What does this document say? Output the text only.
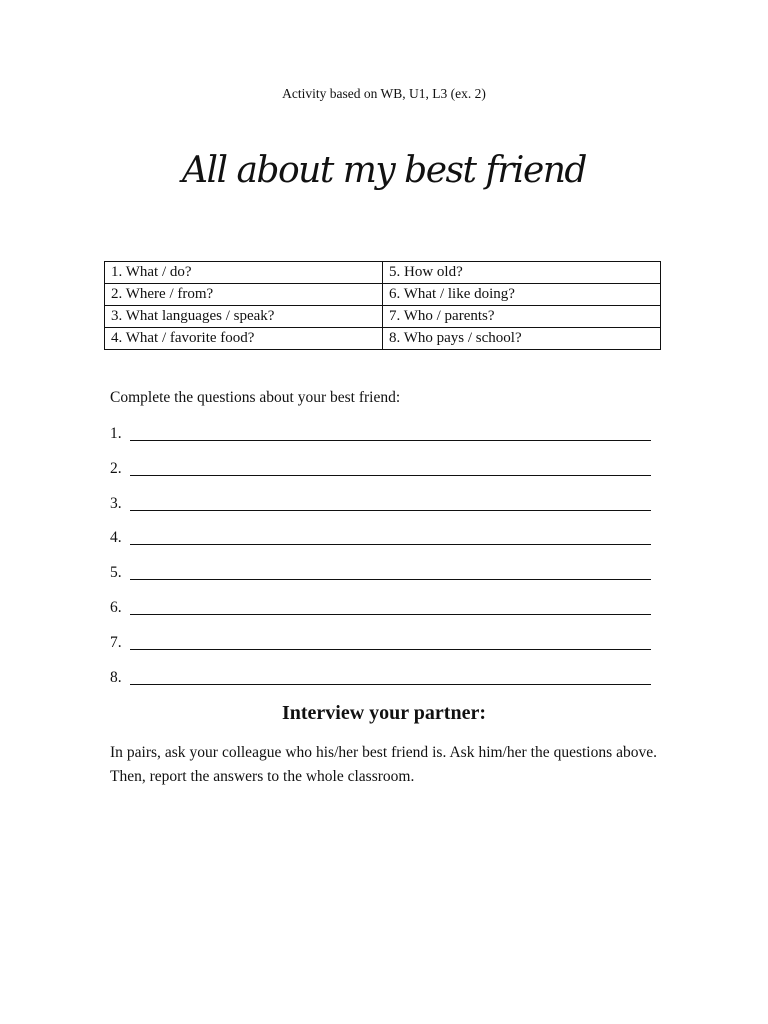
Activity based on WB, U1, L3 (ex. 2)
All about my best friend
1. What / do?	5. How old?
2. Where / from?	6. What / like doing?
3. What languages / speak?	7. Who / parents?
4. What / favorite food?	8. Who pays / school?
Complete the questions about your best friend:
1.
2.
3.
4.
5.
6.
7.
8.
Interview your partner:
In pairs, ask your colleague who his/her best friend is. Ask him/her the questions above. Then, report the answers to the whole classroom.
